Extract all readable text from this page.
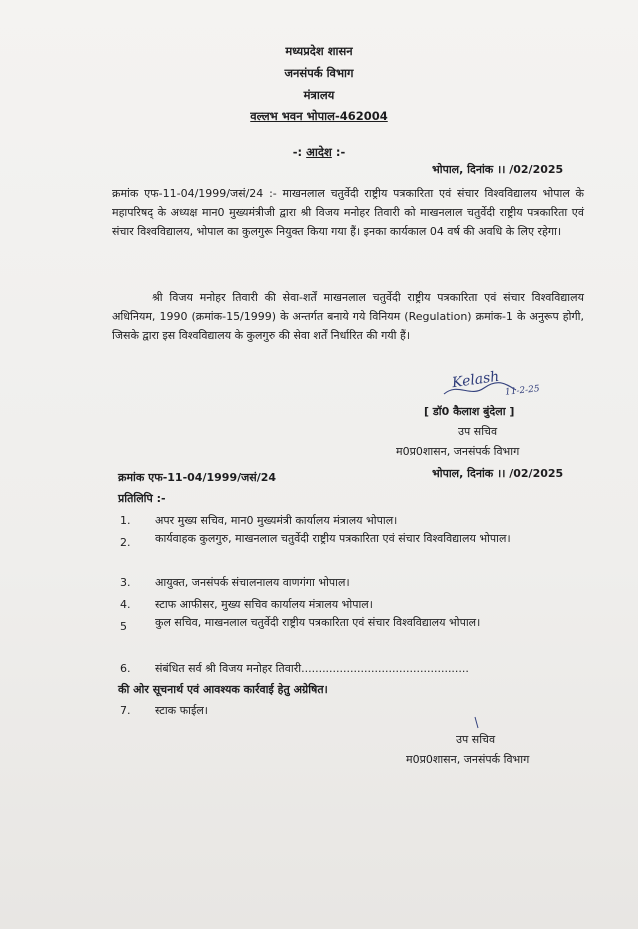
मध्यप्रदेश शासन
जनसंपर्क विभाग
मंत्रालय
वल्लभ भवन भोपाल-462004
-: आदेश :-
भोपाल, दिनांक ।। /02/2025
क्रमांक एफ-11-04/1999/जसं/24 :- माखनलाल चतुर्वेदी राष्ट्रीय पत्रकारिता एवं संचार विश्वविद्यालय भोपाल के महापरिषद् के अध्यक्ष मान0 मुख्यमंत्रीजी द्वारा श्री विजय मनोहर तिवारी को माखनलाल चतुर्वेदी राष्ट्रीय पत्रकारिता एवं संचार विश्वविद्यालय, भोपाल का कुलगुरू नियुक्त किया गया हैं। इनका कार्यकाल 04 वर्ष की अवधि के लिए रहेगा।
श्री विजय मनोहर तिवारी की सेवा-शर्तें माखनलाल चतुर्वेदी राष्ट्रीय पत्रकारिता एवं संचार विश्वविद्यालय अधिनियम, 1990 (क्रमांक-15/1999) के अन्तर्गत बनाये गये विनियम (Regulation) क्रमांक-1 के अनुरूप होगी, जिसके द्वारा इस विश्वविद्यालय के कुलगुरु की सेवा शर्तें निर्धारित की गयी हैं।
Kelash 11-2-25
[ डॉ0 कैलाश बुंदेला ]
उप सचिव
म0प्र0शासन, जनसंपर्क विभाग
क्रमांक एफ-11-04/1999/जसं/24	भोपाल, दिनांक ।। /02/2025
प्रतिलिपि :-
1. अपर मुख्य सचिव, मान0 मुख्यमंत्री कार्यालय मंत्रालय भोपाल।
2. कार्यवाहक कुलगुरु, माखनलाल चतुर्वेदी राष्ट्रीय पत्रकारिता एवं संचार विश्वविद्यालय भोपाल।
3. आयुक्त, जनसंपर्क संचालनालय वाणगंगा भोपाल।
4. स्टाफ आफीसर, मुख्य सचिव कार्यालय मंत्रालय भोपाल।
5	कुल सचिव, माखनलाल चतुर्वेदी राष्ट्रीय पत्रकारिता एवं संचार विश्वविद्यालय भोपाल।
6. संबंधित सर्व श्री विजय मनोहर तिवारी................................................
की ओर सूचनार्थ एवं आवश्यक कार्रवाई हेतु अग्रेषित।
7. स्टाक फाईल।
उप सचिव
म0प्र0शासन, जनसंपर्क विभाग
